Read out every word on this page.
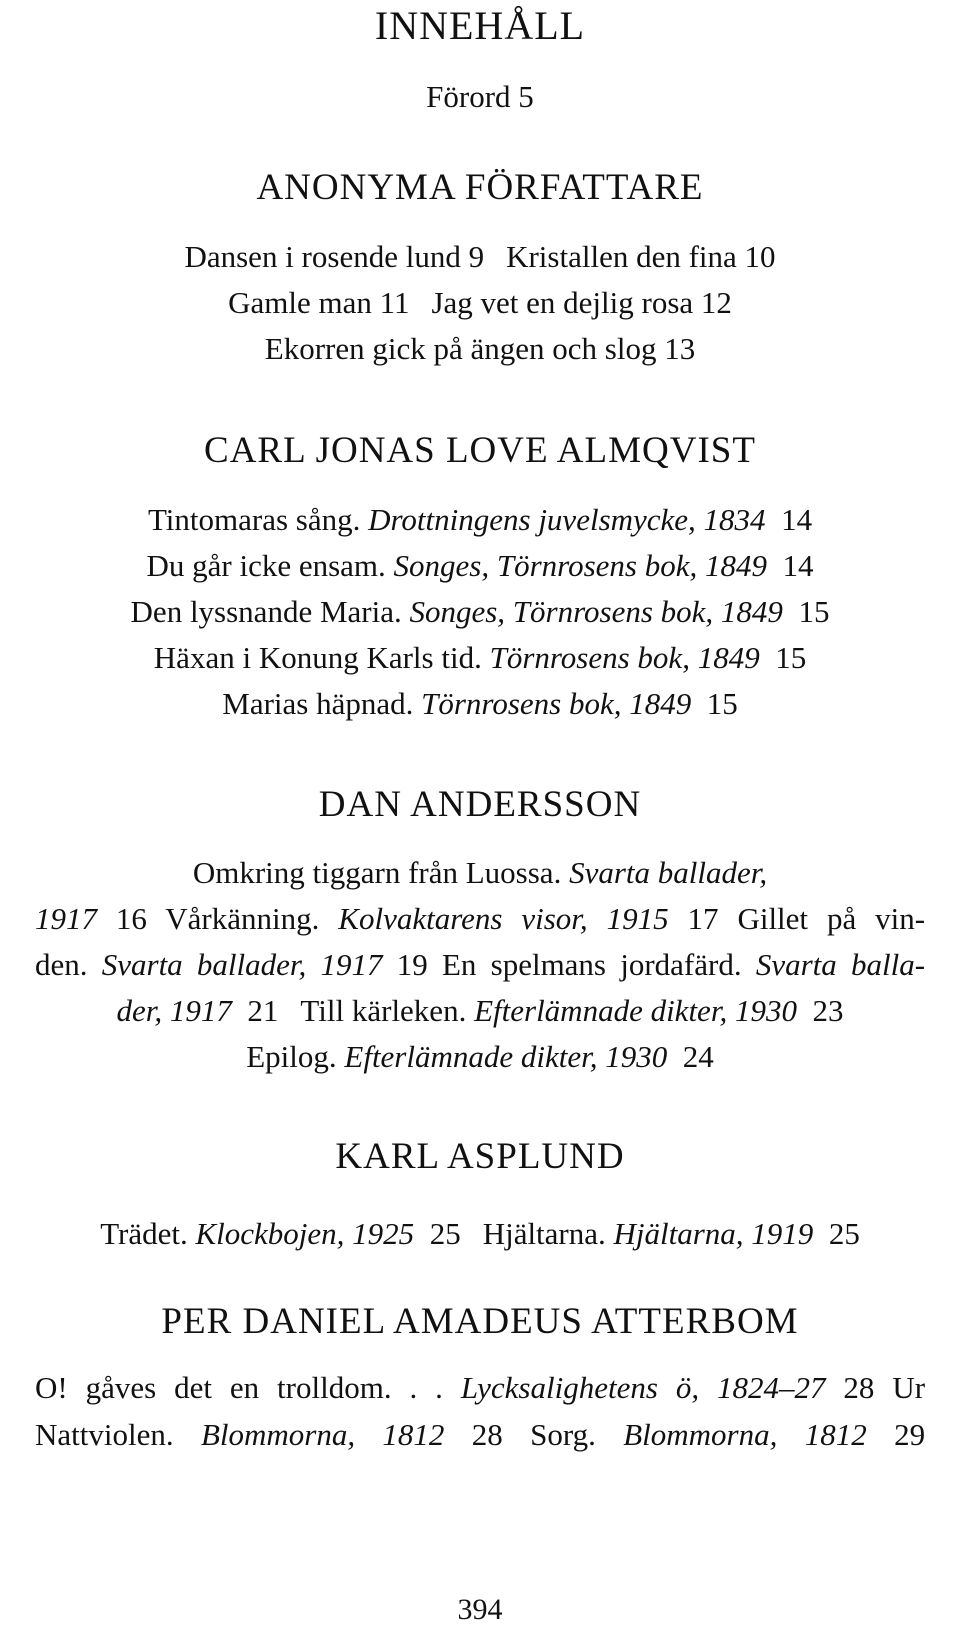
INNEHÅLL
Förord 5
ANONYMA FÖRFATTARE
Dansen i rosende lund 9 Kristallen den fina 10
Gamle man 11 Jag vet en dejlig rosa 12
Ekorren gick på ängen och slog 13
CARL JONAS LOVE ALMQVIST
Tintomaras sång. Drottningens juvelsmycke, 1834 14
Du går icke ensam. Songes, Törnrosens bok, 1849 14
Den lyssnande Maria. Songes, Törnrosens bok, 1849 15
Häxan i Konung Karls tid. Törnrosens bok, 1849 15
Marias häpnad. Törnrosens bok, 1849 15
DAN ANDERSSON
Omkring tiggarn från Luossa. Svarta ballader,
1917 16 Vårkänning. Kolvaktarens visor, 1915 17 Gillet på vin-
den. Svarta ballader, 1917 19 En spelmans jordafärd. Svarta balla-
der, 1917 21 Till kärleken. Efterlämnade dikter, 1930 23
Epilog. Efterlämnade dikter, 1930 24
KARL ASPLUND
Trädet. Klockbojen, 1925 25 Hjältarna. Hjältarna, 1919 25
PER DANIEL AMADEUS ATTERBOM
O! gåves det en trolldom. . . Lycksalighetens ö, 1824–27 28 Ur
Nattviolen. Blommorna, 1812 28 Sorg. Blommorna, 1812 29
394
